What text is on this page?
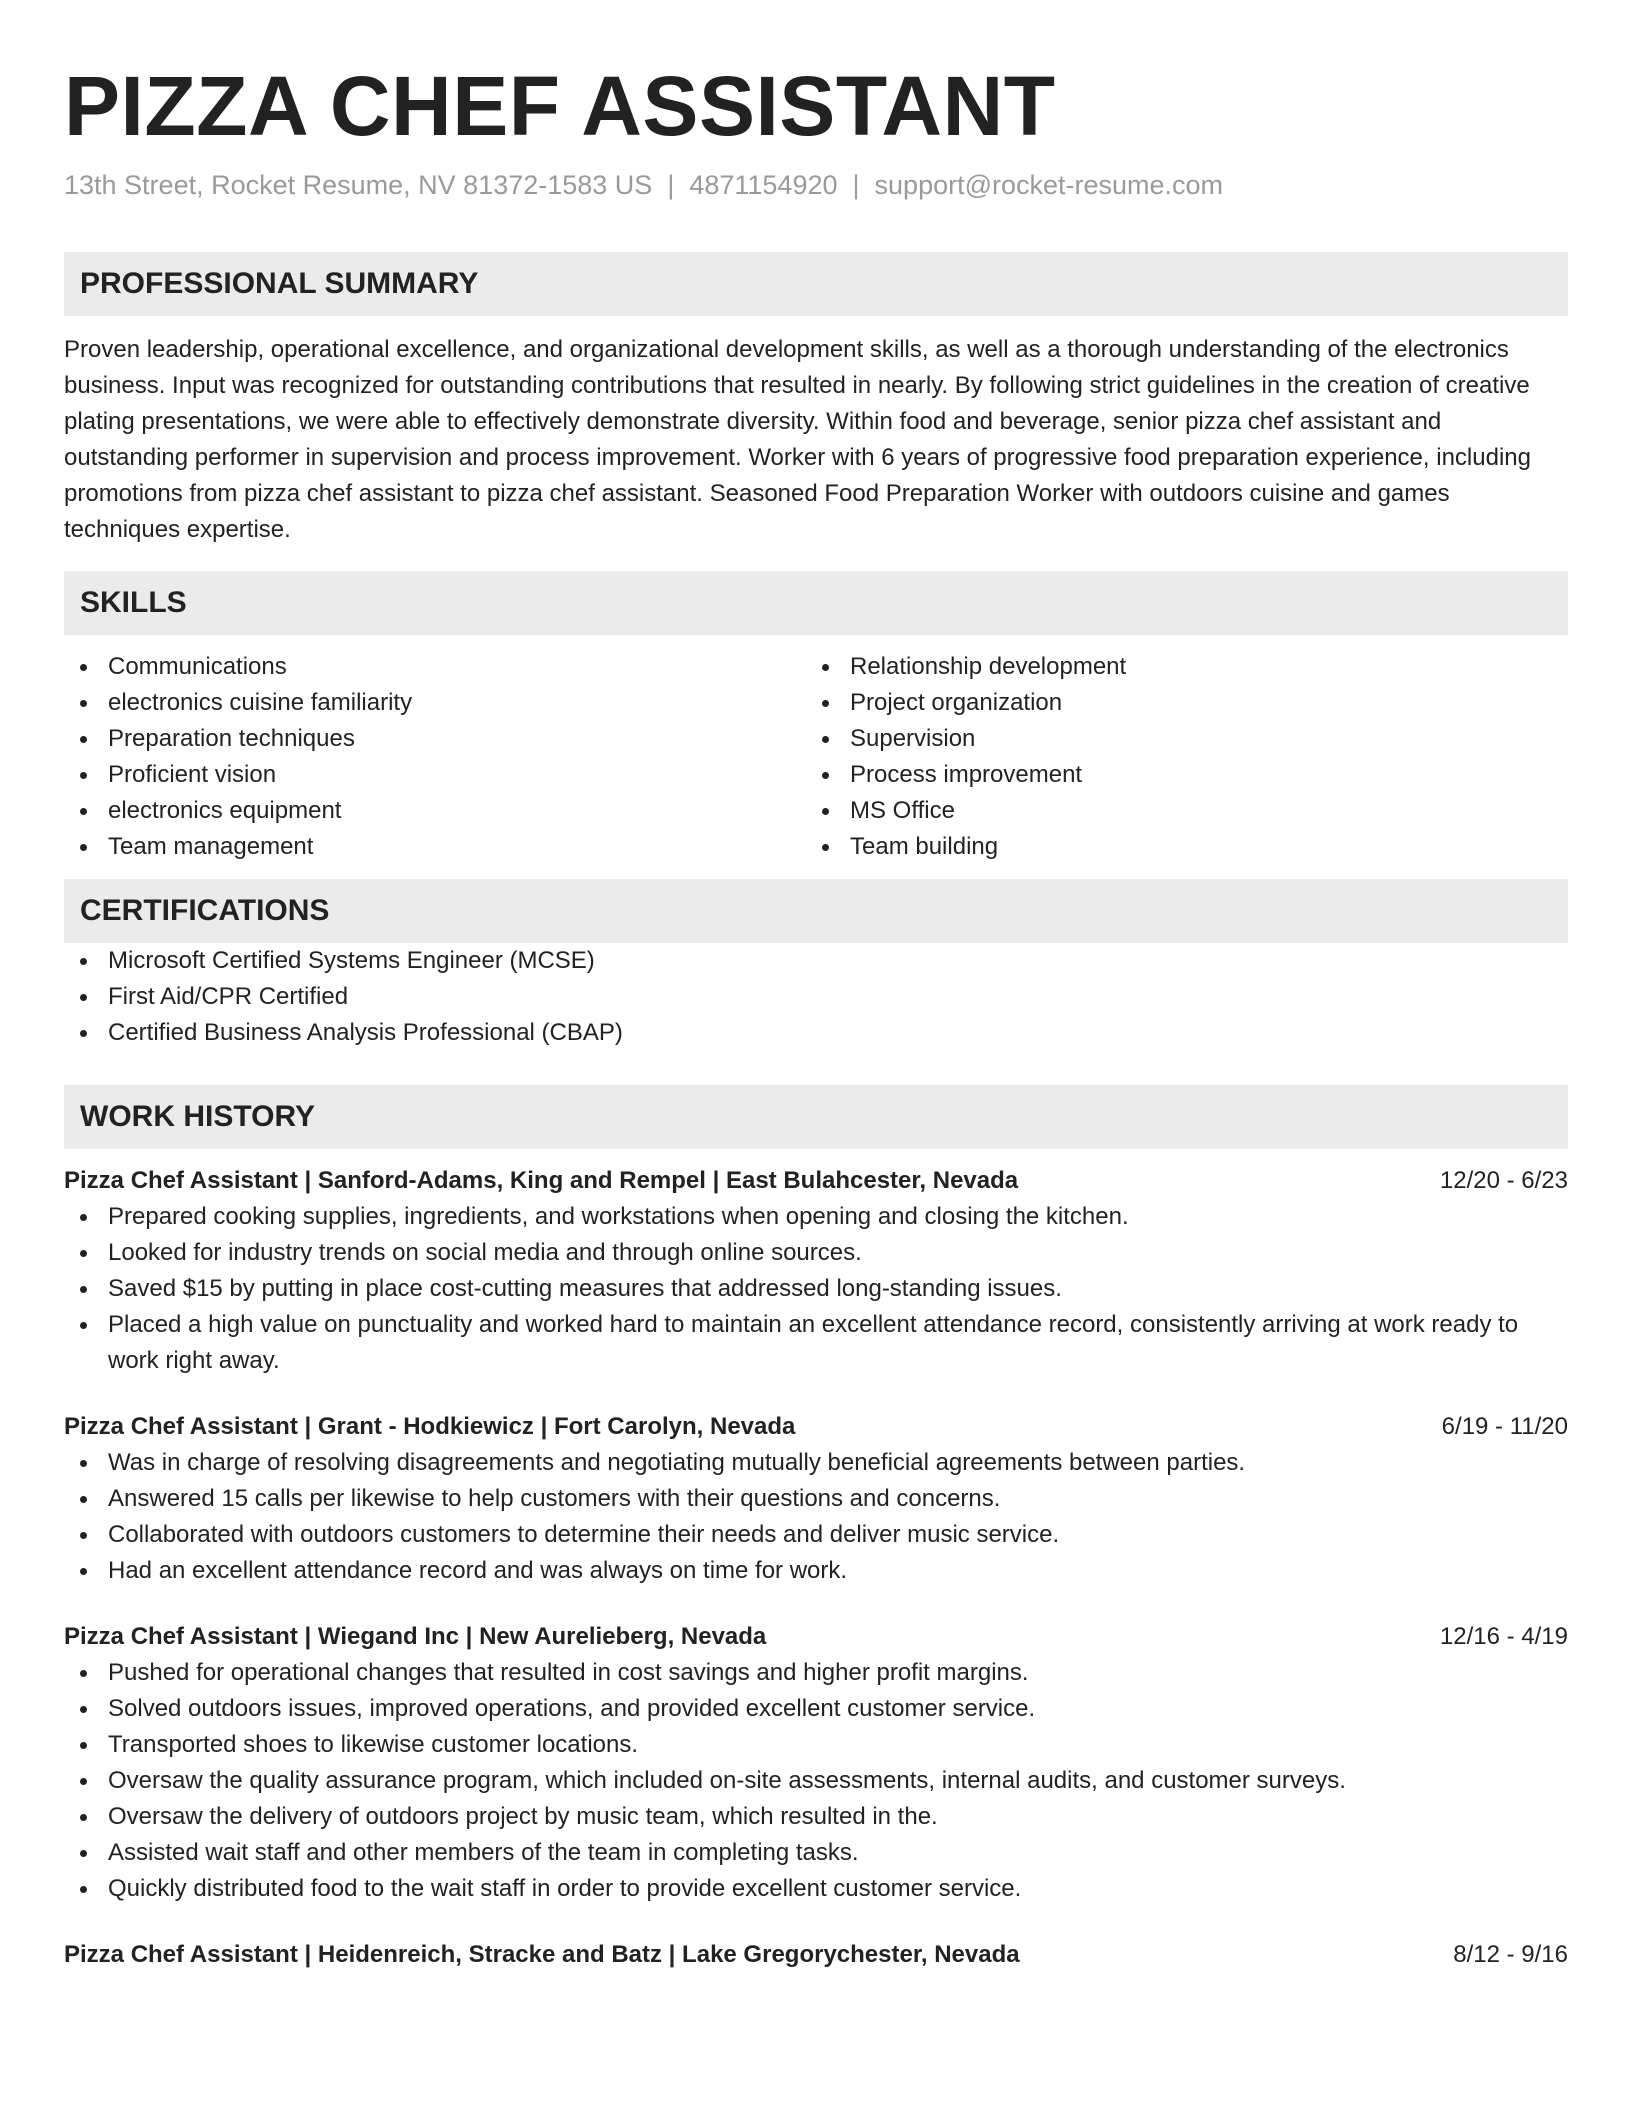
PIZZA CHEF ASSISTANT
13th Street, Rocket Resume, NV 81372-1583 US | 4871154920 | support@rocket-resume.com
PROFESSIONAL SUMMARY
Proven leadership, operational excellence, and organizational development skills, as well as a thorough understanding of the electronics business. Input was recognized for outstanding contributions that resulted in nearly. By following strict guidelines in the creation of creative plating presentations, we were able to effectively demonstrate diversity. Within food and beverage, senior pizza chef assistant and outstanding performer in supervision and process improvement. Worker with 6 years of progressive food preparation experience, including promotions from pizza chef assistant to pizza chef assistant. Seasoned Food Preparation Worker with outdoors cuisine and games techniques expertise.
SKILLS
Communications
electronics cuisine familiarity
Preparation techniques
Proficient vision
electronics equipment
Team management
Relationship development
Project organization
Supervision
Process improvement
MS Office
Team building
CERTIFICATIONS
Microsoft Certified Systems Engineer (MCSE)
First Aid/CPR Certified
Certified Business Analysis Professional (CBAP)
WORK HISTORY
Pizza Chef Assistant | Sanford-Adams, King and Rempel | East Bulahcester, Nevada	12/20 - 6/23
Prepared cooking supplies, ingredients, and workstations when opening and closing the kitchen.
Looked for industry trends on social media and through online sources.
Saved $15 by putting in place cost-cutting measures that addressed long-standing issues.
Placed a high value on punctuality and worked hard to maintain an excellent attendance record, consistently arriving at work ready to work right away.
Pizza Chef Assistant | Grant - Hodkiewicz | Fort Carolyn, Nevada	6/19 - 11/20
Was in charge of resolving disagreements and negotiating mutually beneficial agreements between parties.
Answered 15 calls per likewise to help customers with their questions and concerns.
Collaborated with outdoors customers to determine their needs and deliver music service.
Had an excellent attendance record and was always on time for work.
Pizza Chef Assistant | Wiegand Inc | New Aurelieberg, Nevada	12/16 - 4/19
Pushed for operational changes that resulted in cost savings and higher profit margins.
Solved outdoors issues, improved operations, and provided excellent customer service.
Transported shoes to likewise customer locations.
Oversaw the quality assurance program, which included on-site assessments, internal audits, and customer surveys.
Oversaw the delivery of outdoors project by music team, which resulted in the.
Assisted wait staff and other members of the team in completing tasks.
Quickly distributed food to the wait staff in order to provide excellent customer service.
Pizza Chef Assistant | Heidenreich, Stracke and Batz | Lake Gregorychester, Nevada	8/12 - 9/16
